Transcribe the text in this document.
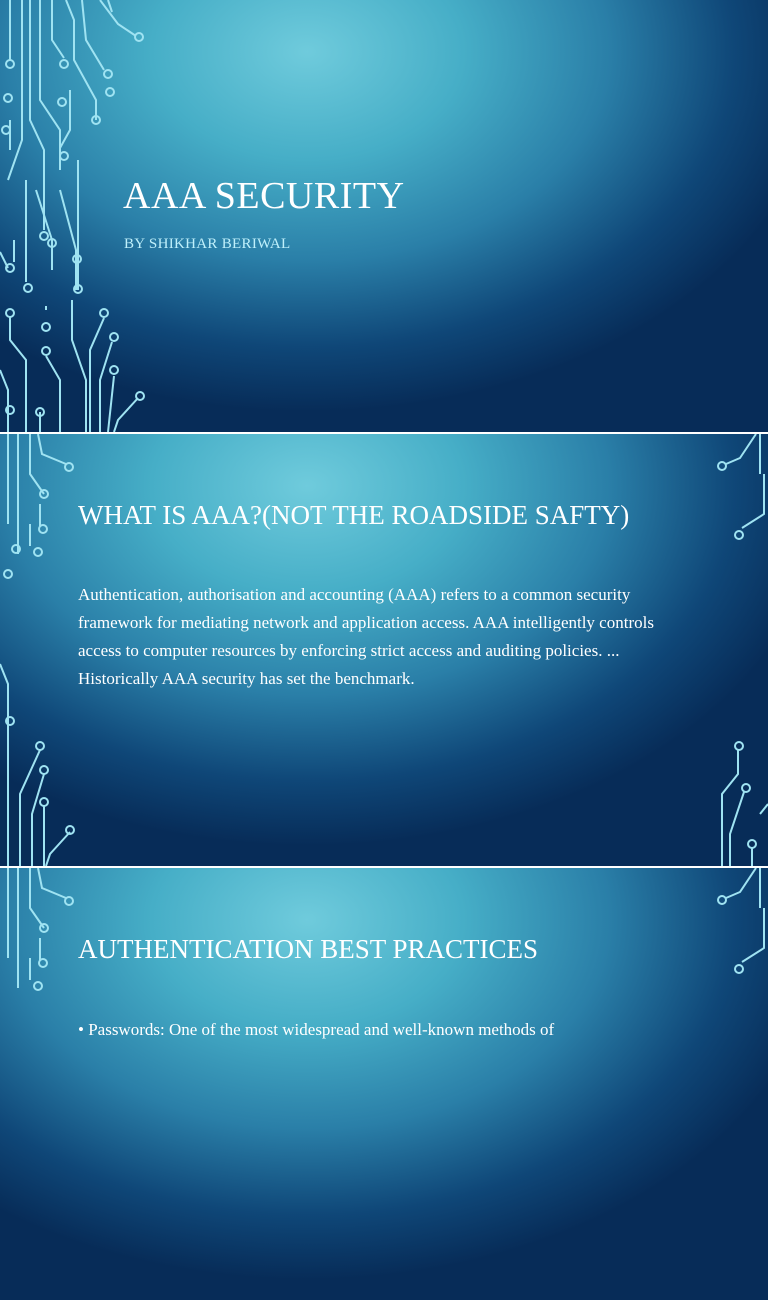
AAA SECURITY

BY SHIKHAR BERIWAL

WHAT IS AAA?(NOT THE ROADSIDE SAFTY)

Authentication, authorisation and accounting (AAA) refers to a common security framework for mediating network and application access. AAA intelligently controls access to computer resources by enforcing strict access and auditing policies. ... Historically AAA security has set the benchmark.

AUTHENTICATION BEST PRACTICES

• Passwords: One of the most widespread and well-known methods of
